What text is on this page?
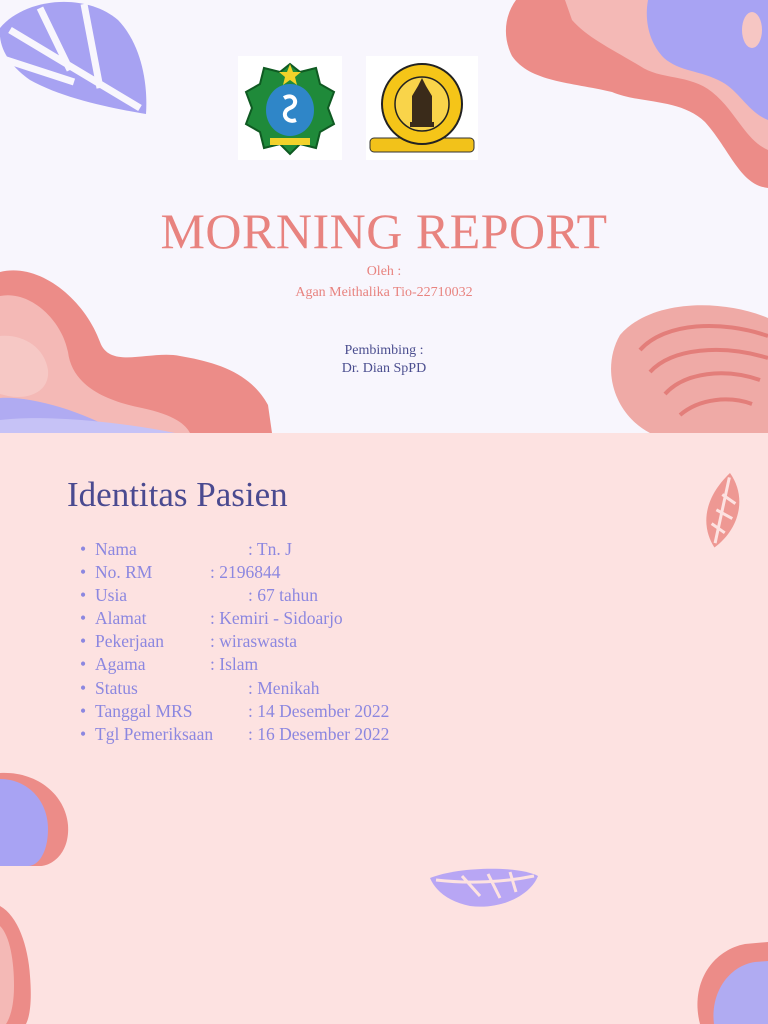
MORNING REPORT
Oleh :
Agan Meithalika Tio-22710032
Pembimbing :
Dr. Dian SpPD
Identitas Pasien
• Nama	: Tn. J
• No. RM	: 2196844
• Usia	: 67 tahun
• Alamat	: Kemiri - Sidoarjo
• Pekerjaan	: wiraswasta
• Agama	: Islam
• Status	: Menikah
• Tanggal MRS	: 14 Desember 2022
• Tgl Pemeriksaan : 16 Desember 2022
